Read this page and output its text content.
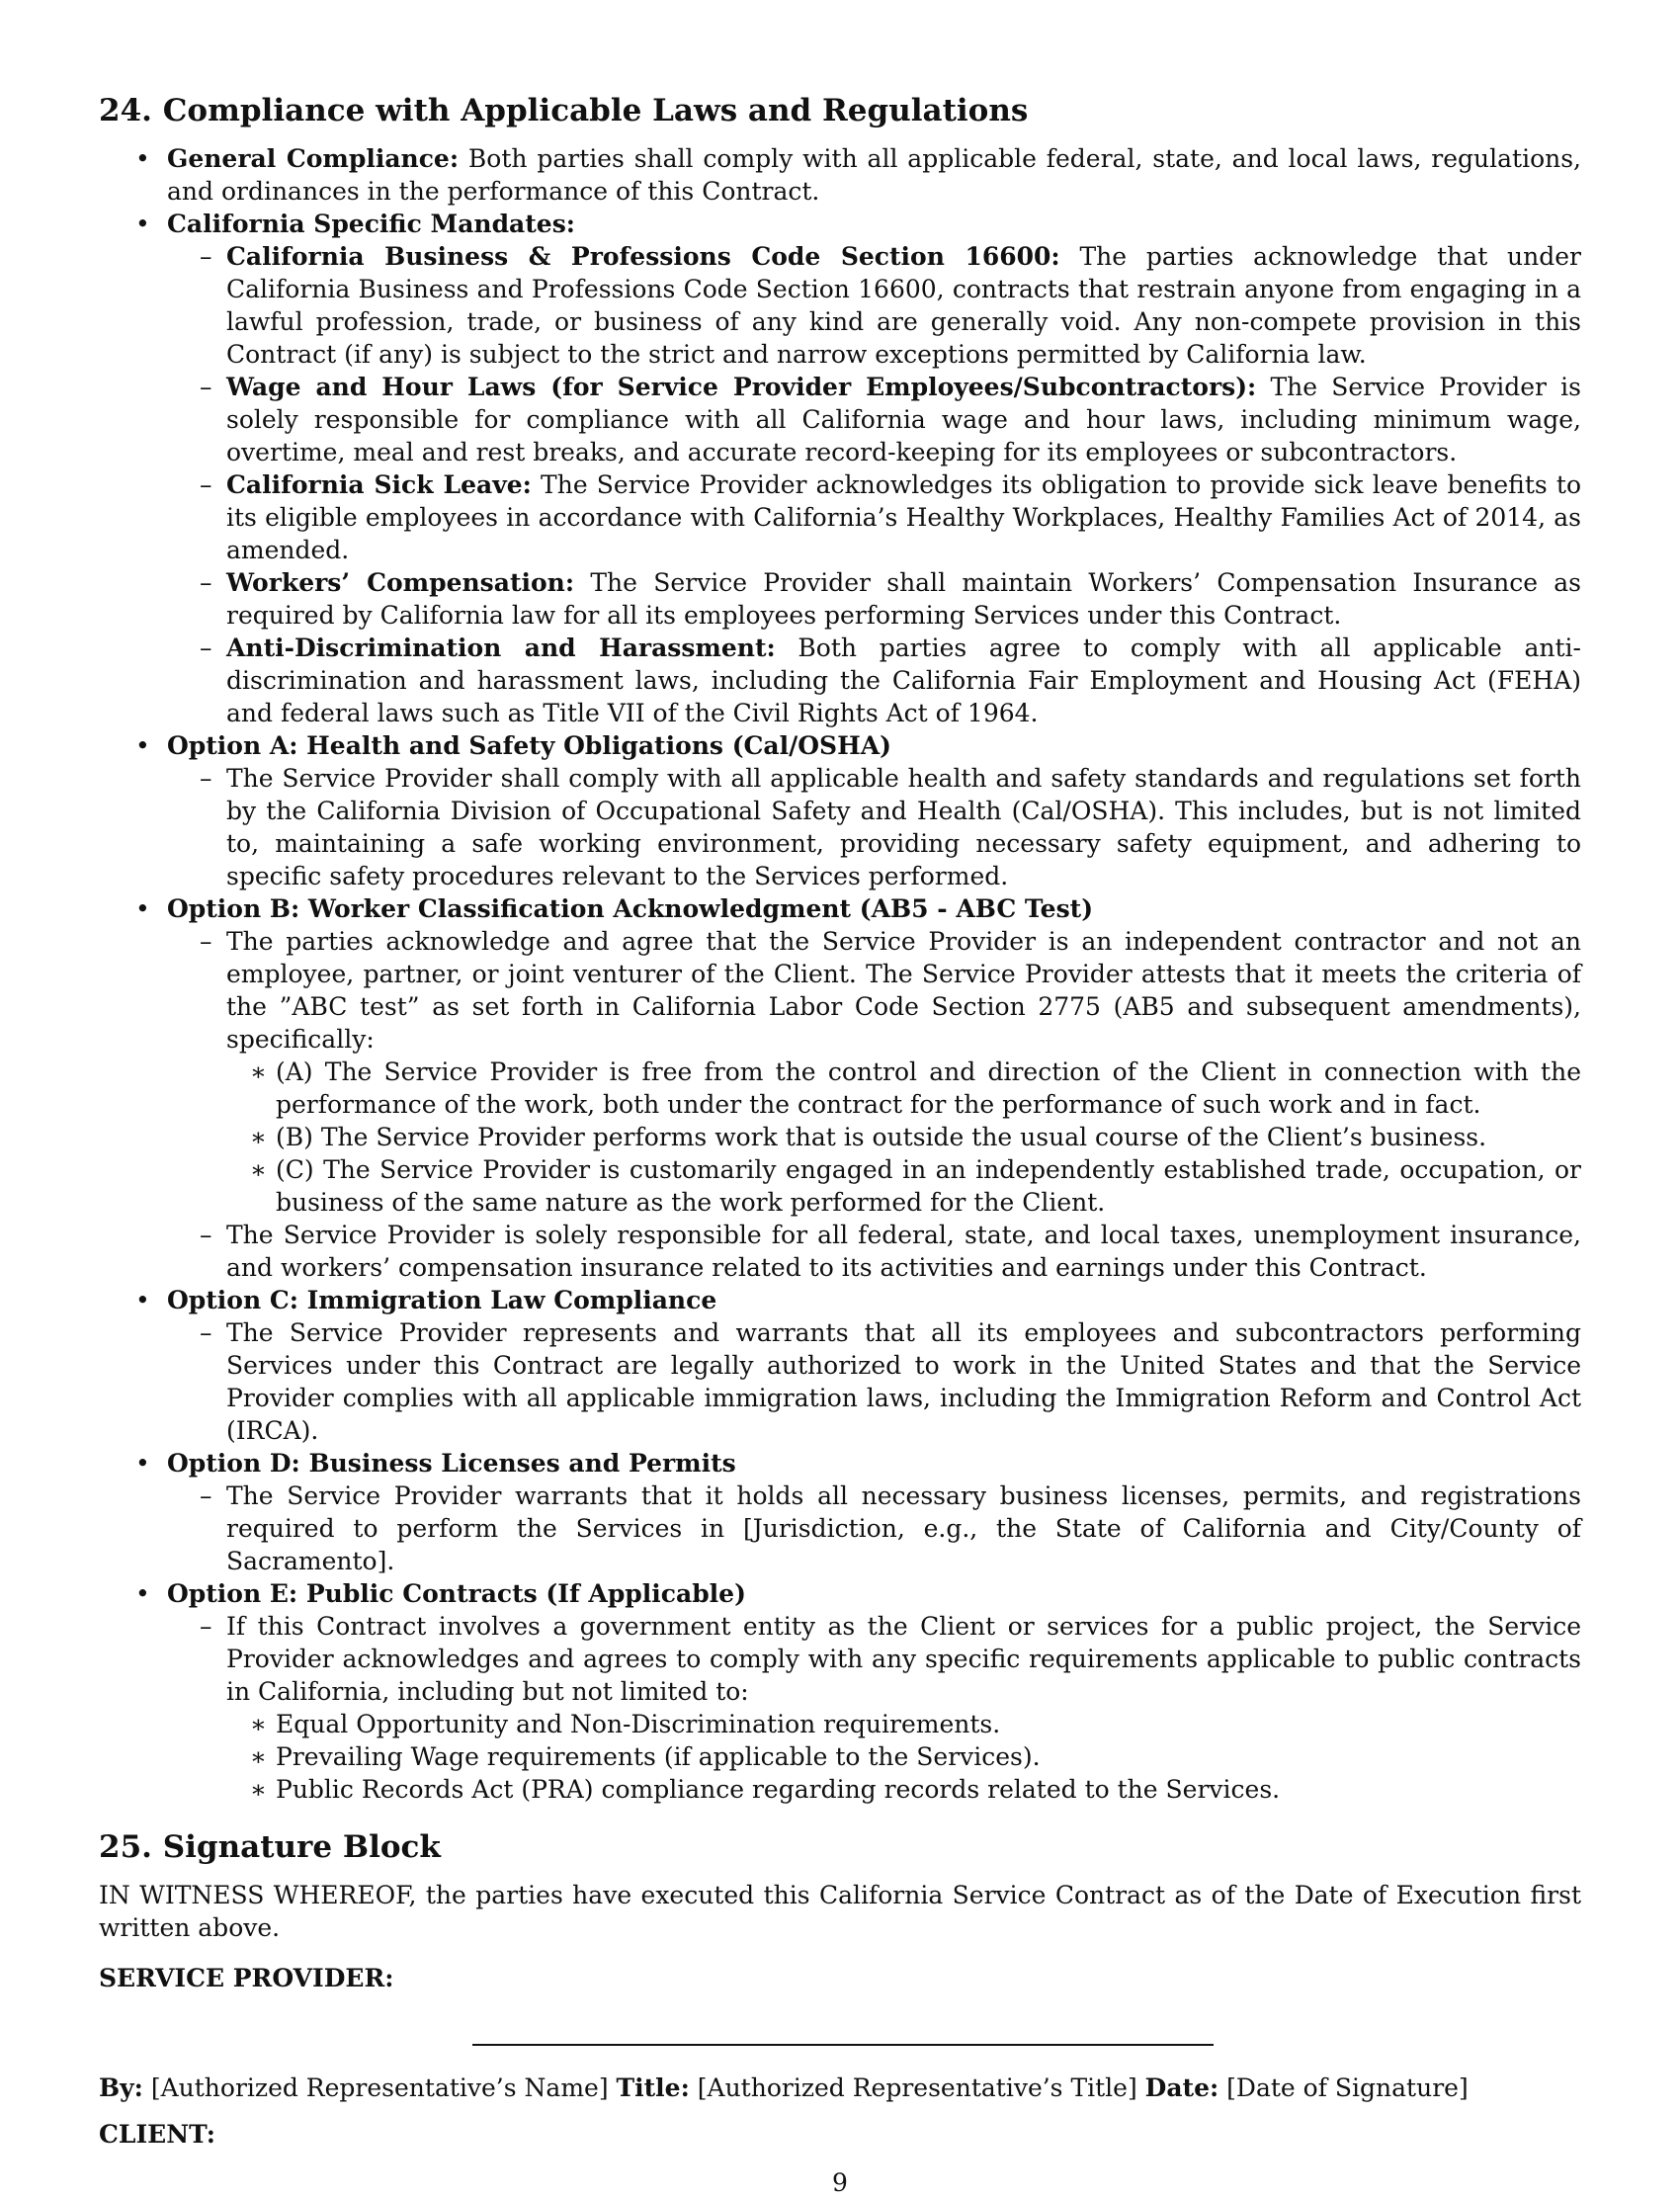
24. Compliance with Applicable Laws and Regulations
• General Compliance: Both parties shall comply with all applicable federal, state, and local laws, regulations, and ordinances in the performance of this Contract.
• California Specific Mandates:
– California Business & Professions Code Section 16600: The parties acknowledge that under California Business and Professions Code Section 16600, contracts that restrain anyone from engaging in a lawful profession, trade, or business of any kind are generally void. Any non-compete provision in this Contract (if any) is subject to the strict and narrow exceptions permitted by California law.
– Wage and Hour Laws (for Service Provider Employees/Subcontractors): The Service Provider is solely responsible for compliance with all California wage and hour laws, including minimum wage, overtime, meal and rest breaks, and accurate record-keeping for its employees or subcontractors.
– California Sick Leave: The Service Provider acknowledges its obligation to provide sick leave benefits to its eligible employees in accordance with California’s Healthy Workplaces, Healthy Families Act of 2014, as amended.
– Workers’ Compensation: The Service Provider shall maintain Workers’ Compensation Insurance as required by California law for all its employees performing Services under this Contract.
– Anti-Discrimination and Harassment: Both parties agree to comply with all applicable anti-discrimination and harassment laws, including the California Fair Employment and Housing Act (FEHA) and federal laws such as Title VII of the Civil Rights Act of 1964.
• Option A: Health and Safety Obligations (Cal/OSHA)
– The Service Provider shall comply with all applicable health and safety standards and regulations set forth by the California Division of Occupational Safety and Health (Cal/OSHA). This includes, but is not limited to, maintaining a safe working environment, providing necessary safety equipment, and adhering to specific safety procedures relevant to the Services performed.
• Option B: Worker Classification Acknowledgment (AB5 - ABC Test)
– The parties acknowledge and agree that the Service Provider is an independent contractor and not an employee, partner, or joint venturer of the Client. The Service Provider attests that it meets the criteria of the ”ABC test” as set forth in California Labor Code Section 2775 (AB5 and subsequent amendments), specifically:
∗ (A) The Service Provider is free from the control and direction of the Client in connection with the performance of the work, both under the contract for the performance of such work and in fact.
∗ (B) The Service Provider performs work that is outside the usual course of the Client’s business.
∗ (C) The Service Provider is customarily engaged in an independently established trade, occupation, or business of the same nature as the work performed for the Client.
– The Service Provider is solely responsible for all federal, state, and local taxes, unemployment insurance, and workers’ compensation insurance related to its activities and earnings under this Contract.
• Option C: Immigration Law Compliance
– The Service Provider represents and warrants that all its employees and subcontractors performing Services under this Contract are legally authorized to work in the United States and that the Service Provider complies with all applicable immigration laws, including the Immigration Reform and Control Act (IRCA).
• Option D: Business Licenses and Permits
– The Service Provider warrants that it holds all necessary business licenses, permits, and registrations required to perform the Services in [Jurisdiction, e.g., the State of California and City/County of Sacramento].
• Option E: Public Contracts (If Applicable)
– If this Contract involves a government entity as the Client or services for a public project, the Service Provider acknowledges and agrees to comply with any specific requirements applicable to public contracts in California, including but not limited to:
∗ Equal Opportunity and Non-Discrimination requirements.
∗ Prevailing Wage requirements (if applicable to the Services).
∗ Public Records Act (PRA) compliance regarding records related to the Services.
25. Signature Block

IN WITNESS WHEREOF, the parties have executed this California Service Contract as of the Date of Execution first written above.

SERVICE PROVIDER:

By: [Authorized Representative’s Name] Title: [Authorized Representative’s Title] Date: [Date of Signature]

CLIENT:

9
